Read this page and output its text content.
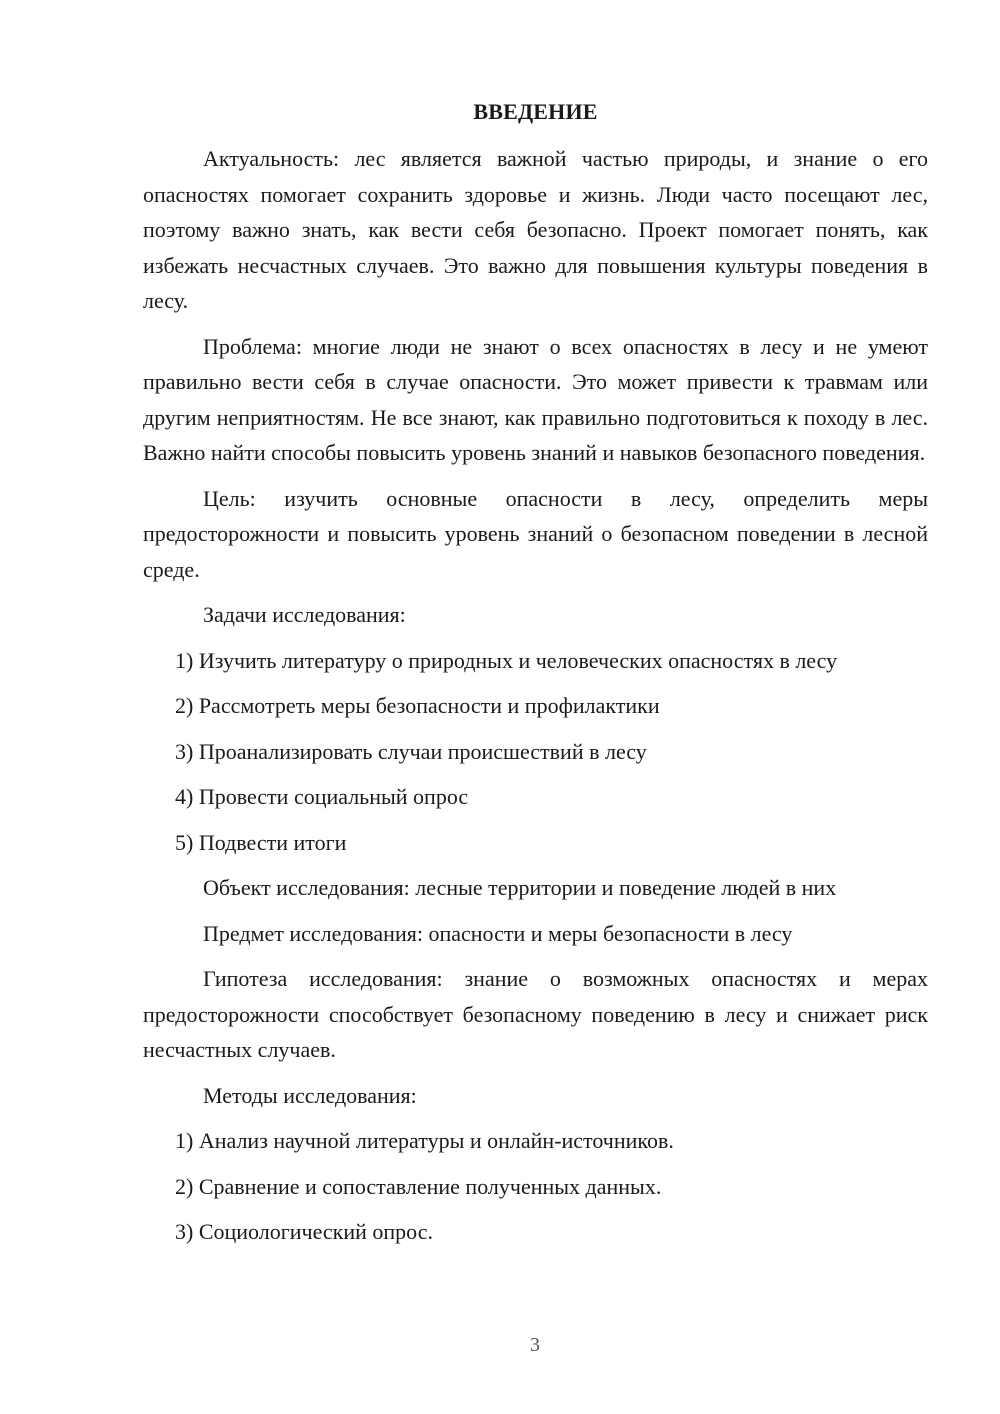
ВВЕДЕНИЕ

Актуальность: лес является важной частью природы, и знание о его опасностях помогает сохранить здоровье и жизнь. Люди часто посещают лес, поэтому важно знать, как вести себя безопасно. Проект помогает понять, как избежать несчастных случаев. Это важно для повышения культуры поведения в лесу.

Проблема: многие люди не знают о всех опасностях в лесу и не умеют правильно вести себя в случае опасности. Это может привести к травмам или другим неприятностям. Не все знают, как правильно подготовиться к походу в лес. Важно найти способы повысить уровень знаний и навыков безопасного поведения.

Цель: изучить основные опасности в лесу, определить меры предосторожности и повысить уровень знаний о безопасном поведении в лесной среде.

Задачи исследования:
1) Изучить литературу о природных и человеческих опасностях в лесу
2) Рассмотреть меры безопасности и профилактики
3) Проанализировать случаи происшествий в лесу
4) Провести социальный опрос
5) Подвести итоги
Объект исследования: лесные территории и поведение людей в них
Предмет исследования: опасности и меры безопасности в лесу

Гипотеза исследования: знание о возможных опасностях и мерах предосторожности способствует безопасному поведению в лесу и снижает риск несчастных случаев.

Методы исследования:
1) Анализ научной литературы и онлайн-источников.
2) Сравнение и сопоставление полученных данных.
3) Социологический опрос.
3
